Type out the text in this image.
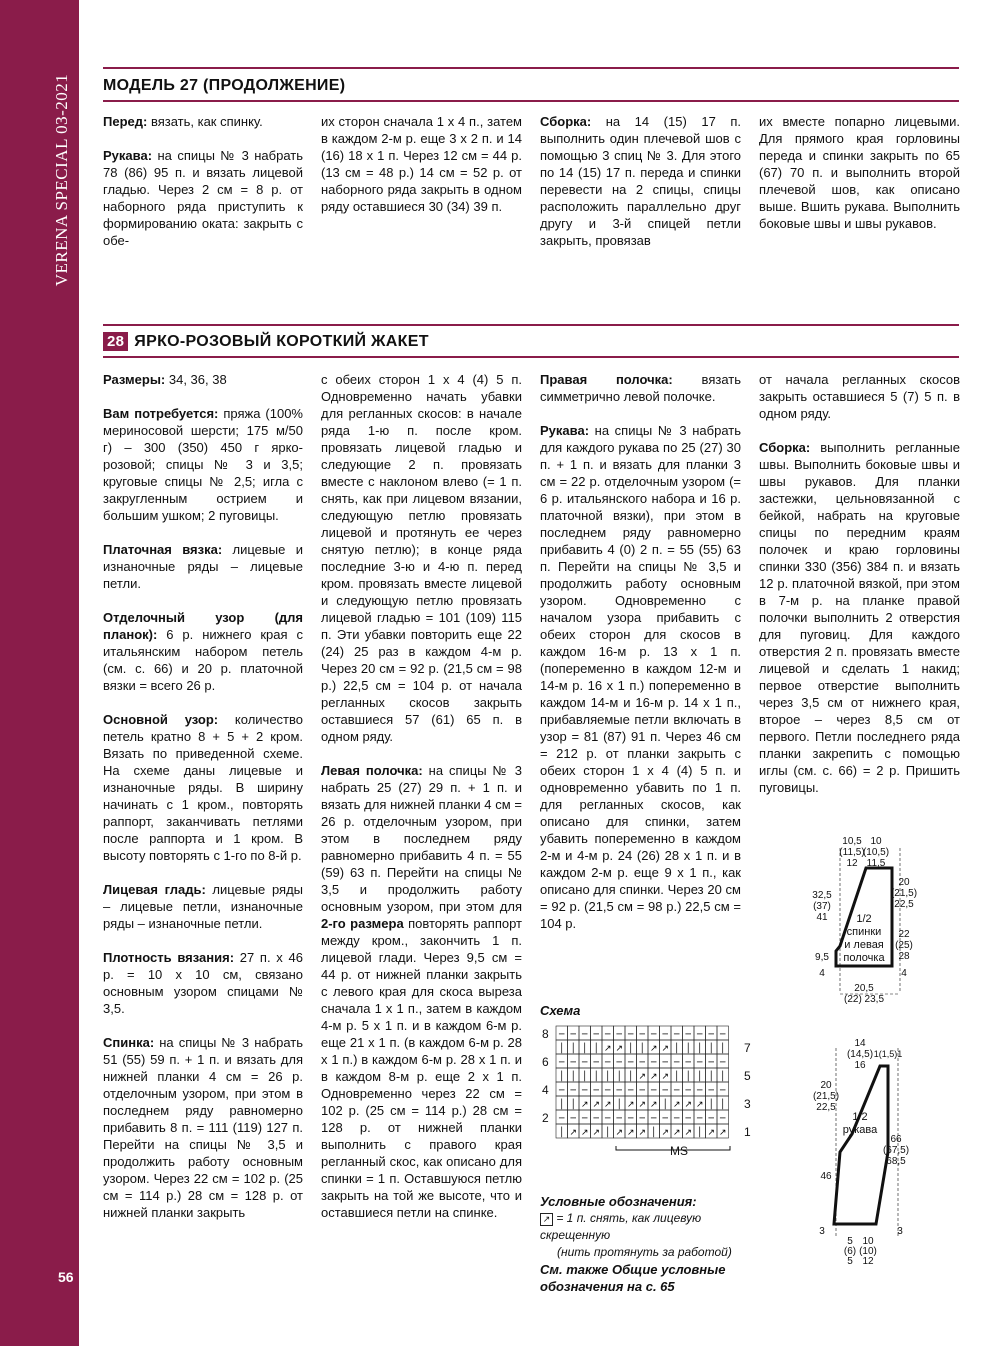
VERENA SPECIAL 03-2021
56
МОДЕЛЬ 27 (ПРОДОЛЖЕНИЕ)

Перед: вязать, как спинку.

Рукава: на спицы № 3 набрать 78 (86) 95 п. и вязать лицевой гладью. Через 2 см = 8 р. от наборного ряда приступить к формированию оката: закрыть с обе-

их сторон сначала 1 х 4 п., затем в каждом 2-м р. еще 3 х 2 п. и 14 (16) 18 х 1 п. Через 12 см = 44 р. (13 см = 48 р.) 14 см = 52 р. от наборного ряда закрыть в одном ряду оставшиеся 30 (34) 39 п.

Сборка: на 14 (15) 17 п. выполнить один плечевой шов с помощью 3 спиц № 3. Для этого по 14 (15) 17 п. переда и спинки перевести на 2 спицы, спицы расположить параллельно друг другу и 3-й спицей петли закрыть, провязав

их вместе попарно лицевыми. Для прямого края горловины переда и спинки закрыть по 65 (67) 70 п. и выполнить второй плечевой шов, как описано выше. Вшить рукава. Выполнить боковые швы и швы рукавов.

28 ЯРКО-РОЗОВЫЙ КОРОТКИЙ ЖАКЕТ

Размеры: 34, 36, 38

Вам потребуется: пряжа (100% мериносовой шерсти; 175 м/50 г) – 300 (350) 450 г ярко-розовой; спицы № 3 и 3,5; круговые спицы № 2,5; игла с закругленным острием и большим ушком; 2 пуговицы.

Платочная вязка: лицевые и изнаночные ряды – лицевые петли.

Отделочный узор (для планок): 6 р. нижнего края с итальянским набором петель (см. с. 66) и 20 р. платочной вязки = всего 26 р.

Основной узор: количество петель кратно 8 + 5 + 2 кром. Вязать по приведенной схеме. На схеме даны лицевые и изнаночные ряды. В ширину начинать с 1 кром., повторять раппорт, заканчивать петлями после раппорта и 1 кром. В высоту повторять с 1-го по 8-й р.

Лицевая гладь: лицевые ряды – лицевые петли, изнаночные ряды – изнаночные петли.

Плотность вязания: 27 п. х 46 р. = 10 х 10 см, связано основным узором спицами № 3,5.

Спинка: на спицы № 3 набрать 51 (55) 59 п. + 1 п. и вязать для нижней планки 4 см = 26 р. отделочным узором, при этом в последнем ряду равномерно прибавить 8 п. = 111 (119) 127 п. Перейти на спицы № 3,5 и продолжить работу основным узором. Через 22 см = 102 р. (25 см = 114 р.) 28 см = 128 р. от нижней планки закрыть

с обеих сторон 1 х 4 (4) 5 п. Одновременно начать убавки для регланных скосов: в начале ряда 1-ю п. после кром. провязать лицевой гладью и следующие 2 п. провязать вместе с наклоном влево (= 1 п. снять, как при лицевом вязании, следующую петлю провязать лицевой и протянуть ее через снятую петлю); в конце ряда последние 3-ю и 4-ю п. перед кром. провязать вместе лицевой и следующую петлю провязать лицевой гладью = 101 (109) 115 п. Эти убавки повторить еще 22 (24) 25 раз в каждом 4-м р. Через 20 см = 92 р. (21,5 см = 98 р.) 22,5 см = 104 р. от начала регланных скосов закрыть оставшиеся 57 (61) 65 п. в одном ряду.

Левая полочка: на спицы № 3 набрать 25 (27) 29 п. + 1 п. и вязать для нижней планки 4 см = 26 р. отделочным узором, при этом в последнем ряду равномерно прибавить 4 п. = 55 (59) 63 п. Перейти на спицы № 3,5 и продолжить работу основным узором, при этом для 2-го размера повторять раппорт между кром., закончить 1 п. лицевой глади. Через 9,5 см = 44 р. от нижней планки закрыть с левого края для скоса выреза сначала 1 х 1 п., затем в каждом 4-м р. 5 х 1 п. и в каждом 6-м р. еще 21 х 1 п. (в каждом 6-м р. 28 х 1 п.) в каждом 6-м р. 28 х 1 п. и в каждом 8-м р. еще 2 х 1 п. Одновременно через 22 см = 102 р. (25 см = 114 р.) 28 см = 128 р. от нижней планки выполнить с правого края регланный скос, как описано для спинки = 1 п. Оставшуюся петлю закрыть на той же высоте, что и оставшиеся петли на спинке.

Правая полочка: вязать симметрично левой полочке.

Рукава: на спицы № 3 набрать для каждого рукава по 25 (27) 30 п. + 1 п. и вязать для планки 3 см = 22 р. отделочным узором (= 6 р. итальянского набора и 16 р. платочной вязки), при этом в последнем ряду равномерно прибавить 4 (0) 2 п. = 55 (55) 63 п. Перейти на спицы № 3,5 и продолжить работу основным узором. Одновременно с началом узора прибавить с обеих сторон для скосов в каждом 16-м р. 13 х 1 п. (попеременно в каждом 12-м и 14-м р. 16 х 1 п.) попеременно в каждом 14-м и 16-м р. 14 х 1 п., прибавляемые петли включать в узор = 81 (87) 91 п. Через 46 см = 212 р. от планки закрыть с обеих сторон 1 х 4 (4) 5 п. и одновременно убавить по 1 п. для регланных скосов, как описано для спинки, затем убавить попеременно в каждом 2-м и 4-м р. 24 (26) 28 х 1 п. и в каждом 2-м р. еще 9 х 1 п., как описано для спинки. Через 20 см = 92 р. (21,5 см = 98 р.) 22,5 см = 104 р.

от начала регланных скосов закрыть оставшиеся 5 (7) 5 п. в одном ряду.

Сборка: выполнить регланные швы. Выполнить боковые швы и швы рукавов. Для планки застежки, цельновязанной с бейкой, набрать на круговые спицы по передним краям полочек и краю горловины спинки 330 (356) 384 п. и вязать 12 р. платочной вязкой, при этом в 7-м р. на планке правой полочки выполнить 2 отверстия для пуговиц. Для каждого отверстия 2 п. провязать вместе лицевой и сделать 1 накид; первое отверстие выполнить через 3,5 см от нижнего края, второе – через 8,5 см от первого. Петли последнего ряда планки закрепить с помощью иглы (см. с. 66) = 2 р. Пришить пуговицы.

Схема
─ ─ ─ ─ ─ ─ ─ ─ ─ ─ ─ ─ ─ ─ ─
│ │ │ │ ↗ ↗ │ │ ↗ ↗ │ │ │ │ │
─ ─ ─ ─ ─ ─ ─ ─ ─ ─ ─ ─ ─ ─ ─
│ │ │ │ │ │ │ ↗ ↗ ↗ │ │ │ │ │
─ ─ ─ ─ ─ ─ ─ ─ ─ ─ ─ ─ ─ ─ ─
│ │ ↗ ↗ ↗ │ ↗ ↗ ↗ │ ↗ ↗ ↗ │ │
─ ─ ─ ─ ─ ─ ─ ─ ─ ─ ─ ─ ─ ─ ─
│ ↗ ↗ ↗ │ ↗ ↗ ↗ │ ↗ ↗ ↗ │ ↗ ↗
8
6
4
2
7
5
3
1
MS
Условные обозначения:
↗ = 1 п. снять, как лицевую скрещенную
(нить протянуть за работой)
См. также Общие условные
обозначения на с. 65
10,5
(11,5)
12
10
(10,5)
11,5
32,5
(37)
41
9,5
4
20
(21,5)
22,5
22
(25)
28
4
20,5
(22) 23,5
1/2
спинки
и левая
полочка
14
(14,5)
16
1(1,5)1
20
(21,5)
22,5
46
66
(67,5)
68,5
3	3
5
(6)
5
10
(10)
12
1/2
рукава
